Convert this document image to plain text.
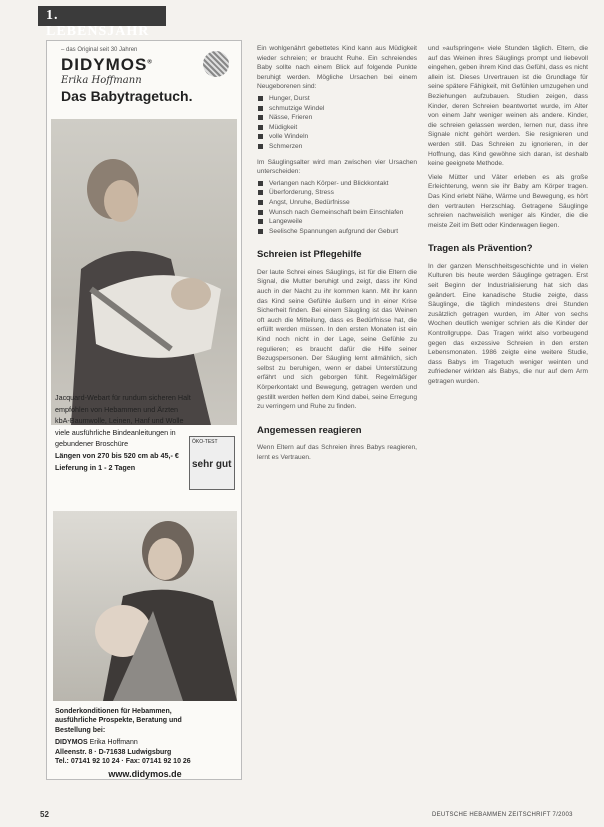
1. LEBENSJAHR
– das Original seit 30 Jahren
DIDYMOS®
Erika Hoffmann
Das Babytragetuch.

Jacquard-Webart für rundum sicheren Halt

empfohlen von Hebammen und Ärzten

kbA-Baumwolle, Leinen, Hanf und Wolle

viele ausführliche Bindeanleitungen in

gebundener Broschüre

Längen von 270 bis 520 cm ab 45,- €

Lieferung in 1 - 2 Tagen

ÖKO-TEST
sehr gut
Sonderkonditionen für Hebammen,
ausführliche Prospekte, Beratung und
Bestellung bei:
DIDYMOS Erika Hoffmann
Alleenstr. 8 · D-71638 Ludwigsburg
Tel.: 07141 92 10 24 · Fax: 07141 92 10 26
www.didymos.de

Ein wohlgenährt gebettetes Kind kann aus Müdigkeit wieder schreien; er braucht Ruhe. Ein schreiendes Baby sollte nach einem Blick auf folgende Punkte beruhigt werden. Mögliche Ursachen bei einem Neugeborenen sind:

Hunger, Durst
schmutzige Windel
Nässe, Frieren
Müdigkeit
volle Windeln
Schmerzen

Im Säuglingsalter wird man zwischen vier Ursachen unterscheiden:

Verlangen nach Körper- und Blickkontakt
Überforderung, Stress
Angst, Unruhe, Bedürfnisse
Wunsch nach Gemeinschaft beim Einschlafen
Langeweile
Seelische Spannungen aufgrund der Geburt
Schreien ist Pflegehilfe

Der laute Schrei eines Säuglings, ist für die Eltern die Signal, die Mutter beruhigt und zeigt, dass ihr Kind auch in der Nacht zu ihr kommen kann. Mit ihr kann das Kind seine Gefühle äußern und in einer Krise Sicherheit finden. Bei einem Säugling ist das Weinen oft auch die Mitteilung, dass es Bedürfnisse hat, die erfüllt werden müssen. In den ersten Monaten ist ein Kind noch nicht in der Lage, seine Gefühle zu regulieren; es braucht dafür die Hilfe seiner Bezugspersonen. Der Säugling lernt allmählich, sich selbst zu beruhigen, wenn er dabei Unterstützung erfährt und sich geborgen fühlt. Regelmäßiger Körperkontakt und Bewegung, getragen werden und gestillt werden helfen dem Kind dabei, seine Erregung zu verringern und Ruhe zu finden.

Angemessen reagieren

Wenn Eltern auf das Schreien ihres Babys reagieren, lernt es Vertrauen.

und »aufspringen« viele Stunden täglich. Eltern, die auf das Weinen ihres Säuglings prompt und liebevoll eingehen, geben ihrem Kind das Gefühl, dass es nicht allein ist. Dieses Urvertrauen ist die Grundlage für seine spätere Fähigkeit, mit Gefühlen umzugehen und Beziehungen aufzubauen. Studien zeigen, dass Kinder, deren Schreien beantwortet wurde, im Alter von einem Jahr weniger weinen als andere. Kinder, die schreien gelassen werden, lernen nur, dass ihre Signale nicht gehört werden. Sie resignieren und werden still. Das Schreien zu ignorieren, in der Hoffnung, das Kind gewöhne sich daran, ist deshalb keine geeignete Methode.

Viele Mütter und Väter erleben es als große Erleichterung, wenn sie ihr Baby am Körper tragen. Das Kind erlebt Nähe, Wärme und Bewegung, es hört den vertrauten Herzschlag. Getragene Säuglinge schreien nachweislich weniger als Kinder, die die meiste Zeit im Bett oder Kinderwagen liegen.

Tragen als Prävention?

In der ganzen Menschheitsgeschichte und in vielen Kulturen bis heute werden Säuglinge getragen. Erst seit Beginn der Industrialisierung hat sich das geändert. Eine kanadische Studie zeigte, dass Säuglinge, die täglich mindestens drei Stunden zusätzlich getragen wurden, im Alter von sechs Wochen deutlich weniger schrien als die Kinder der Kontrollgruppe. Das Tragen wirkt also vorbeugend gegen das exzessive Schreien in den ersten Lebensmonaten. 1986 zeigte eine weitere Studie, dass Babys im Tragetuch weniger weinten und zufriedener wirkten als Babys, die nur auf dem Arm getragen wurden.

52	DEUTSCHE HEBAMMEN ZEITSCHRIFT 7/2003
